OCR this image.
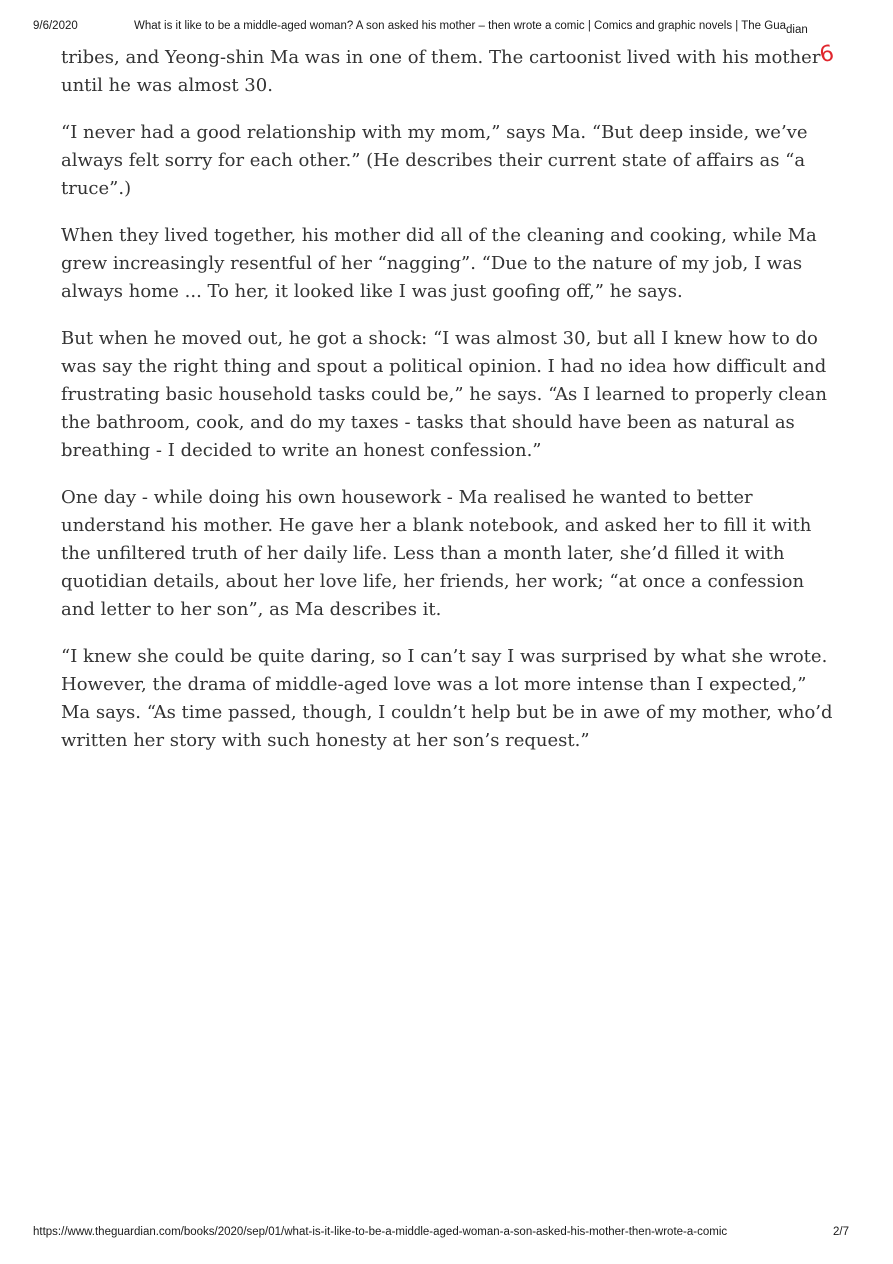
9/6/2020	What is it like to be a middle-aged woman? A son asked his mother – then wrote a comic | Comics and graphic novels | The Guadian
6

tribes, and Yeong-shin Ma was in one of them. The cartoonist lived with his mother until he was almost 30.

“I never had a good relationship with my mom,” says Ma. “But deep inside, we’ve always felt sorry for each other.” (He describes their current state of affairs as “a truce”.)

When they lived together, his mother did all of the cleaning and cooking, while Ma grew increasingly resentful of her “nagging”. “Due to the nature of my job, I was always home ... To her, it looked like I was just goofing off,” he says.

But when he moved out, he got a shock: “I was almost 30, but all I knew how to do was say the right thing and spout a political opinion. I had no idea how difficult and frustrating basic household tasks could be,” he says. “As I learned to properly clean the bathroom, cook, and do my taxes - tasks that should have been as natural as breathing - I decided to write an honest confession.”

One day - while doing his own housework - Ma realised he wanted to better understand his mother. He gave her a blank notebook, and asked her to fill it with the unfiltered truth of her daily life. Less than a month later, she’d filled it with quotidian details, about her love life, her friends, her work; “at once a confession and letter to her son”, as Ma describes it.

“I knew she could be quite daring, so I can’t say I was surprised by what she wrote. However, the drama of middle-aged love was a lot more intense than I expected,” Ma says. “As time passed, though, I couldn’t help but be in awe of my mother, who’d written her story with such honesty at her son’s request.”

https://www.theguardian.com/books/2020/sep/01/what-is-it-like-to-be-a-middle-aged-woman-a-son-asked-his-mother-then-wrote-a-comic	2/7
